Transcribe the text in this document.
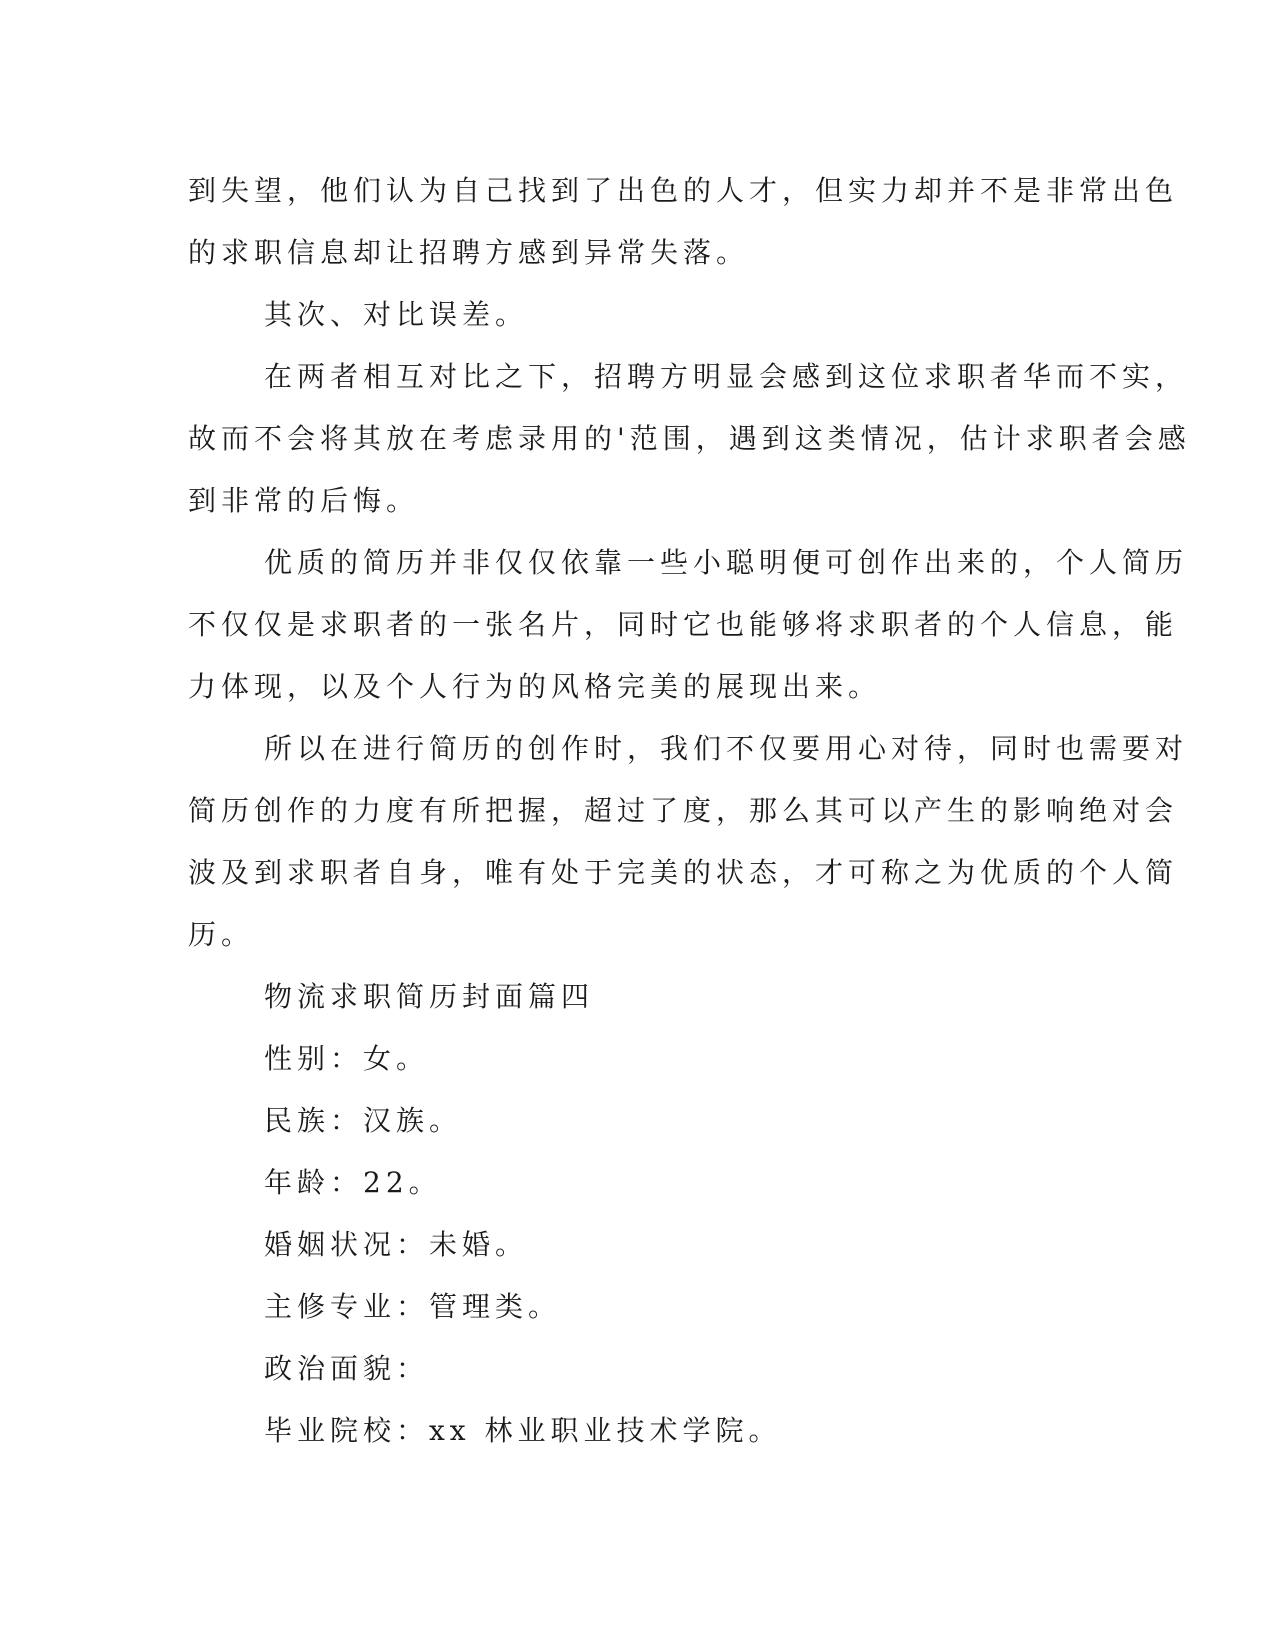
到失望，他们认为自己找到了出色的人才，但实力却并不是非常出色
的求职信息却让招聘方感到异常失落。

其次、对比误差。

在两者相互对比之下，招聘方明显会感到这位求职者华而不实，
故而不会将其放在考虑录用的'范围，遇到这类情况，估计求职者会感
到非常的后悔。

优质的简历并非仅仅依靠一些小聪明便可创作出来的，个人简历
不仅仅是求职者的一张名片，同时它也能够将求职者的个人信息，能
力体现，以及个人行为的风格完美的展现出来。

所以在进行简历的创作时，我们不仅要用心对待，同时也需要对
简历创作的力度有所把握，超过了度，那么其可以产生的影响绝对会
波及到求职者自身，唯有处于完美的状态，才可称之为优质的个人简
历。

物流求职简历封面篇四

性别：女。

民族：汉族。

年龄：22。

婚姻状况：未婚。

主修专业：管理类。

政治面貌：

毕业院校：xx 林业职业技术学院。
